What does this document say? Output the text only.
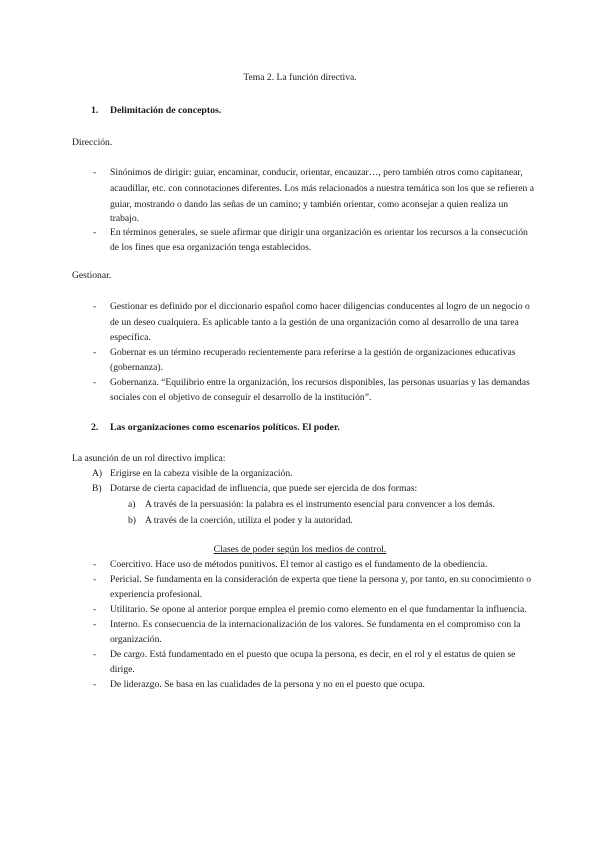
Tema 2. La función directiva.
1. Delimitación de conceptos.
Dirección.
- Sinónimos de dirigir: guiar, encaminar, conducir, orientar, encauzar…, pero también otros como capitanear,
acaudillar, etc. con connotaciones diferentes. Los más relacionados a nuestra temática son los que se refieren a
guiar, mostrando o dando las señas de un camino; y también orientar, como aconsejar a quien realiza un
trabajo.
- En términos generales, se suele afirmar que dirigir una organización es orientar los recursos a la consecución
de los fines que esa organización tenga establecidos.
Gestionar.
- Gestionar es definido por el diccionario español como hacer diligencias conducentes al logro de un negocio o
de un deseo cualquiera. Es aplicable tanto a la gestión de una organización como al desarrollo de una tarea
específica.
- Gobernar es un término recuperado recientemente para referirse a la gestión de organizaciones educativas
(gobernanza).
- Gobernanza. “Equilibrio entre la organización, los recursos disponibles, las personas usuarias y las demandas
sociales con el objetivo de conseguir el desarrollo de la institución”.
2. Las organizaciones como escenarios políticos. El poder.
La asunción de un rol directivo implica:
A) Erigirse en la cabeza visible de la organización.
B) Dotarse de cierta capacidad de influencia, que puede ser ejercida de dos formas:
a) A través de la persuasión: la palabra es el instrumento esencial para convencer a los demás.
b) A través de la coerción, utiliza el poder y la autoridad.
Clases de poder según los medios de control.
- Coercitivo. Hace uso de métodos punitivos. El temor al castigo es el fundamento de la obediencia.
- Pericial. Se fundamenta en la consideración de experta que tiene la persona y, por tanto, en su conocimiento o
experiencia profesional.
- Utilitario. Se opone al anterior porque emplea el premio como elemento en el que fundamentar la influencia.
- Interno. Es consecuencia de la internacionalización de los valores. Se fundamenta en el compromiso con la
organización.
- De cargo. Está fundamentado en el puesto que ocupa la persona, es decir, en el rol y el estatus de quien se
dirige.
- De liderazgo. Se basa en las cualidades de la persona y no en el puesto que ocupa.
